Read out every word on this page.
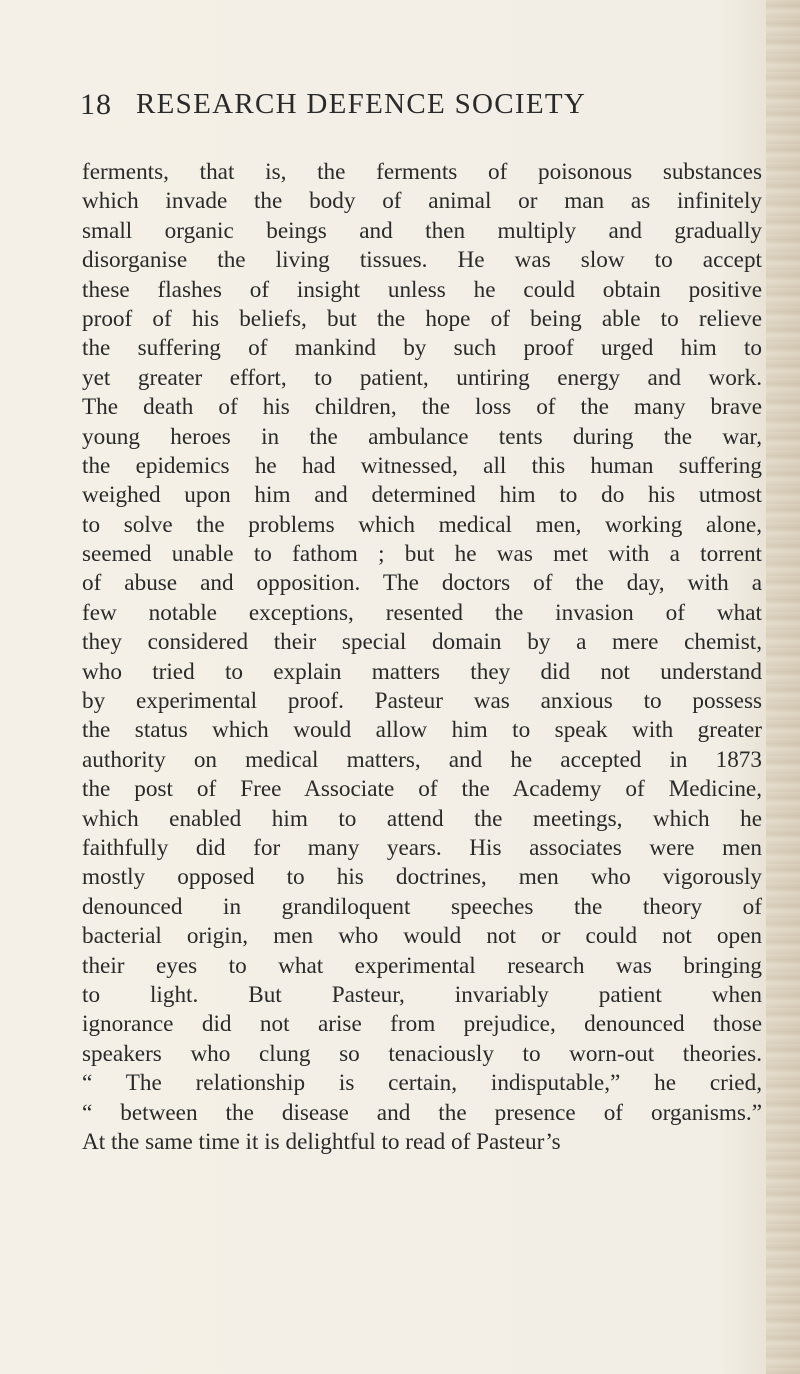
18 RESEARCH DEFENCE SOCIETY
ferments, that is, the ferments of poisonous substances
which invade the body of animal or man as infinitely
small organic beings and then multiply and gradually
disorganise the living tissues. He was slow to accept
these flashes of insight unless he could obtain positive
proof of his beliefs, but the hope of being able to relieve
the suffering of mankind by such proof urged him to
yet greater effort, to patient, untiring energy and work.
The death of his children, the loss of the many brave
young heroes in the ambulance tents during the war,
the epidemics he had witnessed, all this human suffering
weighed upon him and determined him to do his utmost
to solve the problems which medical men, working alone,
seemed unable to fathom ; but he was met with a torrent
of abuse and opposition. The doctors of the day, with a
few notable exceptions, resented the invasion of what
they considered their special domain by a mere chemist,
who tried to explain matters they did not understand
by experimental proof. Pasteur was anxious to possess
the status which would allow him to speak with greater
authority on medical matters, and he accepted in 1873
the post of Free Associate of the Academy of Medicine,
which enabled him to attend the meetings, which he
faithfully did for many years. His associates were men
mostly opposed to his doctrines, men who vigorously
denounced in grandiloquent speeches the theory of
bacterial origin, men who would not or could not open
their eyes to what experimental research was bringing
to light. But Pasteur, invariably patient when
ignorance did not arise from prejudice, denounced those
speakers who clung so tenaciously to worn-out theories.
“ The relationship is certain, indisputable,” he cried,
“ between the disease and the presence of organisms.”
At the same time it is delightful to read of Pasteur’s
